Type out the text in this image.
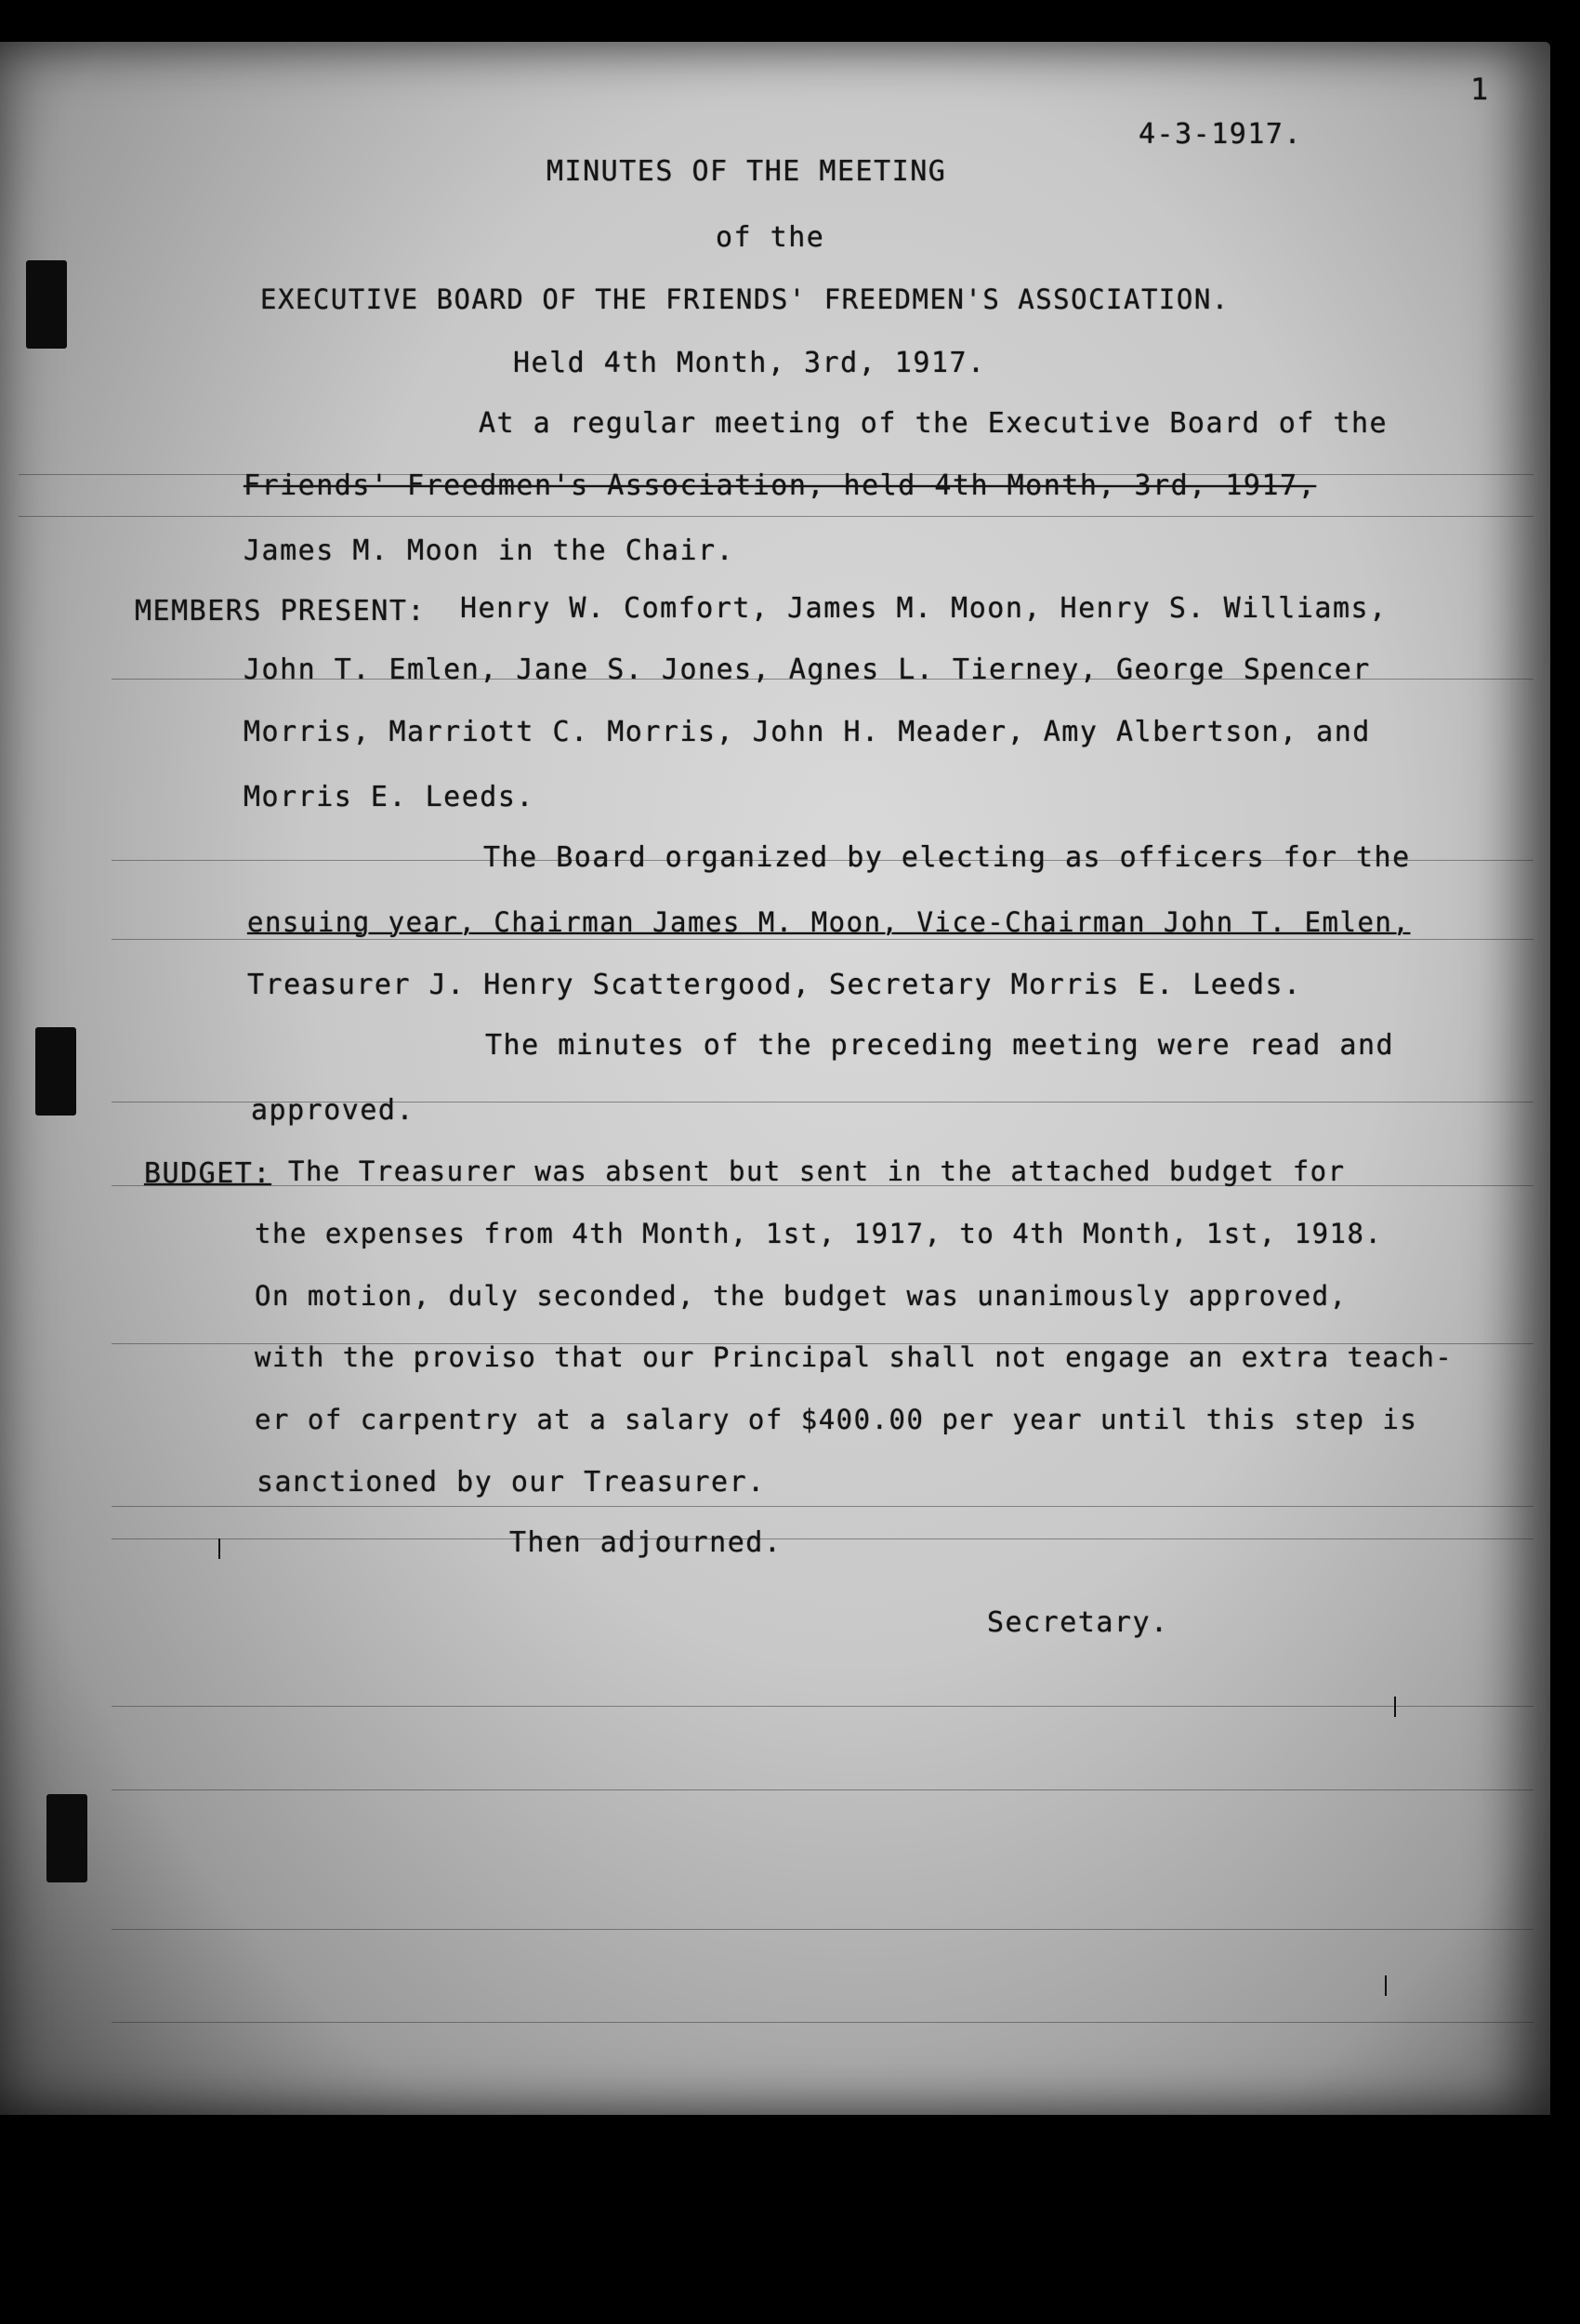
1
4-3-1917.
MINUTES OF THE MEETING
of the
EXECUTIVE BOARD OF THE FRIENDS' FREEDMEN'S ASSOCIATION.
Held 4th Month, 3rd, 1917.
At a regular meeting of the Executive Board of the
Friends' Freedmen's Association, held 4th Month, 3rd, 1917,
James M. Moon in the Chair.
MEMBERS PRESENT: Henry W. Comfort, James M. Moon, Henry S. Williams,
John T. Emlen, Jane S. Jones, Agnes L. Tierney, George Spencer
Morris, Marriott C. Morris, John H. Meader, Amy Albertson, and
Morris E. Leeds.
The Board organized by electing as officers for the
ensuing year, Chairman James M. Moon, Vice-Chairman John T. Emlen,
Treasurer J. Henry Scattergood, Secretary Morris E. Leeds.
The minutes of the preceding meeting were read and
approved.
BUDGET: The Treasurer was absent but sent in the attached budget for
the expenses from 4th Month, 1st, 1917, to 4th Month, 1st, 1918.
On motion, duly seconded, the budget was unanimously approved,
with the proviso that our Principal shall not engage an extra teach-
er of carpentry at a salary of $400.00 per year until this step is
sanctioned by our Treasurer.
Then adjourned.
Secretary.
